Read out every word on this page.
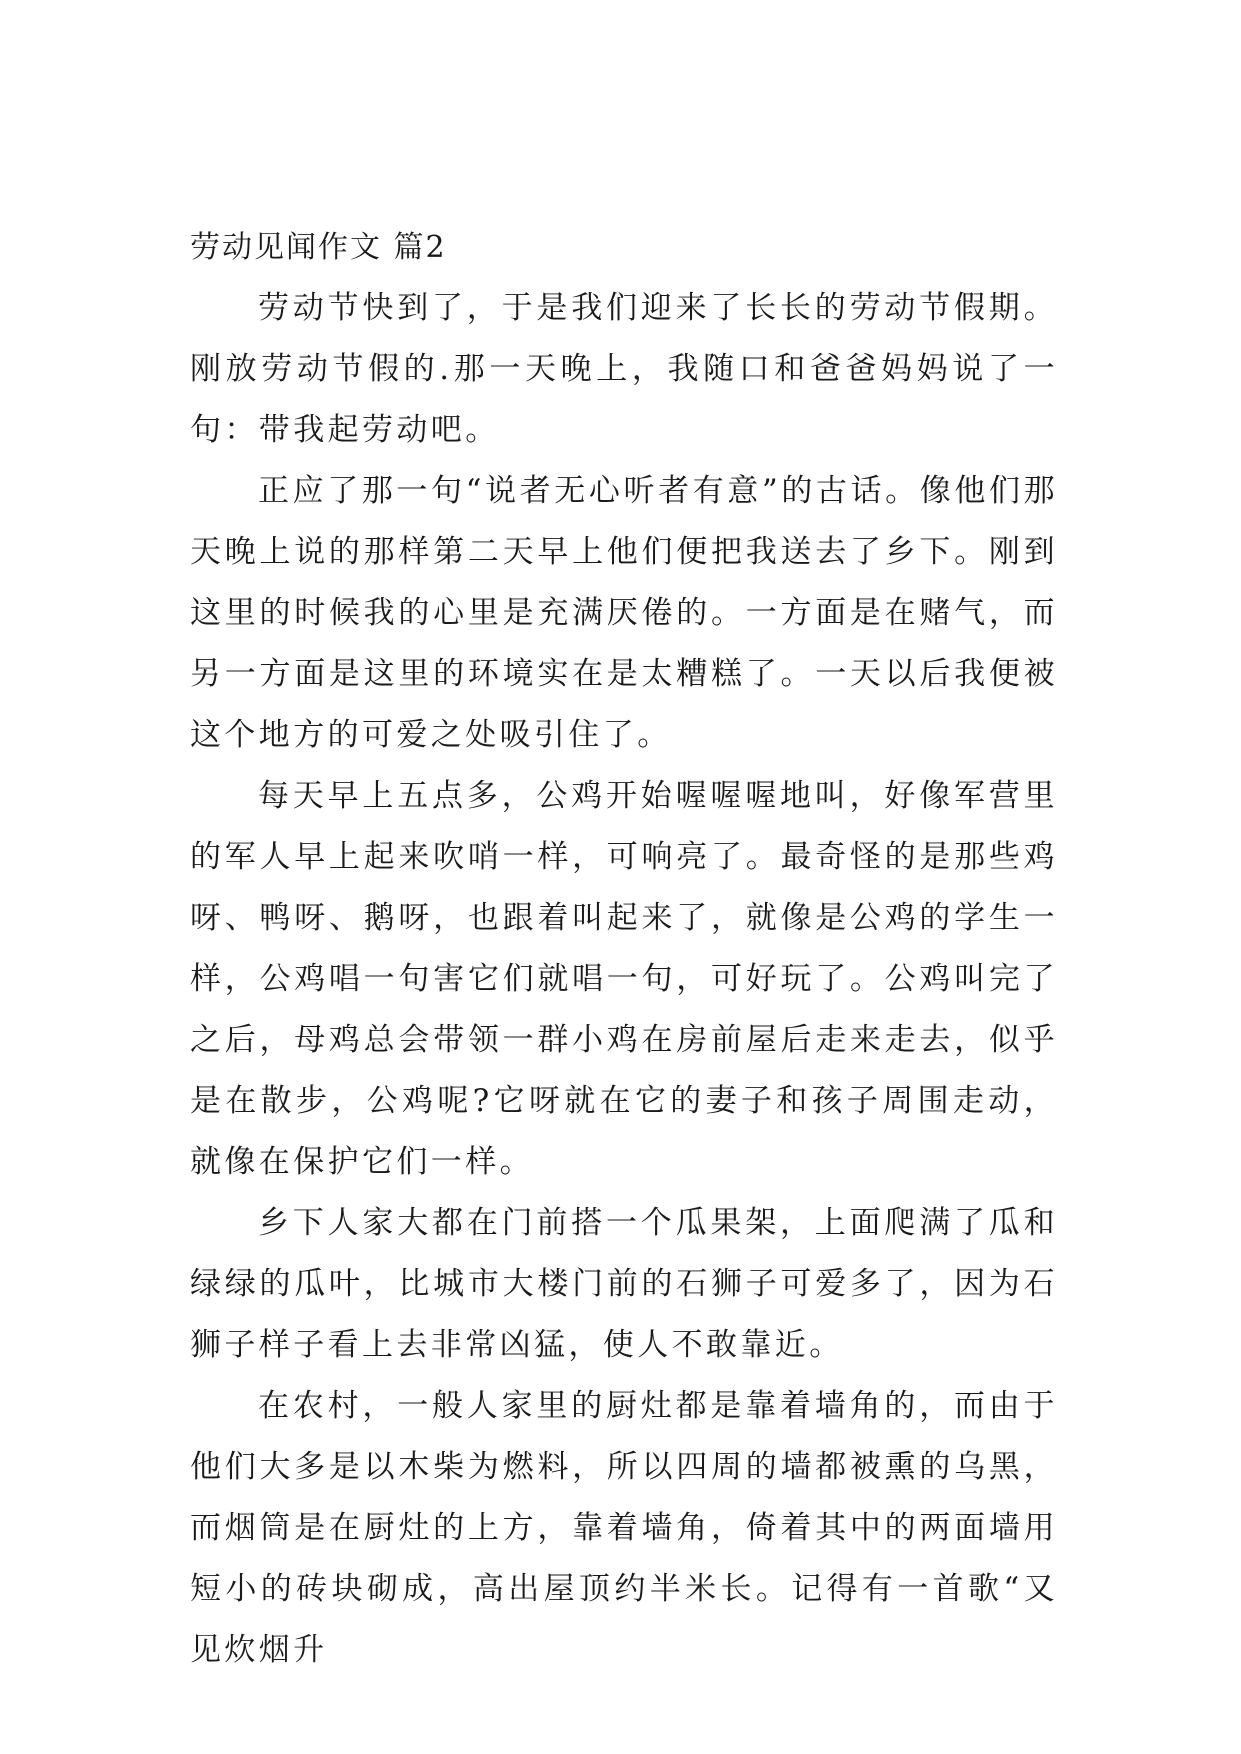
劳动见闻作文 篇2

劳动节快到了，于是我们迎来了长长的劳动节假期。刚放劳动节假的.那一天晚上，我随口和爸爸妈妈说了一句：带我起劳动吧。

正应了那一句“说者无心听者有意”的古话。像他们那天晚上说的那样第二天早上他们便把我送去了乡下。刚到这里的时候我的心里是充满厌倦的。一方面是在赌气，而另一方面是这里的环境实在是太糟糕了。一天以后我便被这个地方的可爱之处吸引住了。

每天早上五点多，公鸡开始喔喔喔地叫，好像军营里的军人早上起来吹哨一样，可响亮了。最奇怪的是那些鸡呀、鸭呀、鹅呀，也跟着叫起来了，就像是公鸡的学生一样，公鸡唱一句害它们就唱一句，可好玩了。公鸡叫完了之后，母鸡总会带领一群小鸡在房前屋后走来走去，似乎是在散步，公鸡呢?它呀就在它的妻子和孩子周围走动，就像在保护它们一样。

乡下人家大都在门前搭一个瓜果架，上面爬满了瓜和绿绿的瓜叶，比城市大楼门前的石狮子可爱多了，因为石狮子样子看上去非常凶猛，使人不敢靠近。

在农村，一般人家里的厨灶都是靠着墙角的，而由于他们大多是以木柴为燃料，所以四周的墙都被熏的乌黑，而烟筒是在厨灶的上方，靠着墙角，倚着其中的两面墙用短小的砖块砌成，高出屋顶约半米长。记得有一首歌“又见炊烟升
